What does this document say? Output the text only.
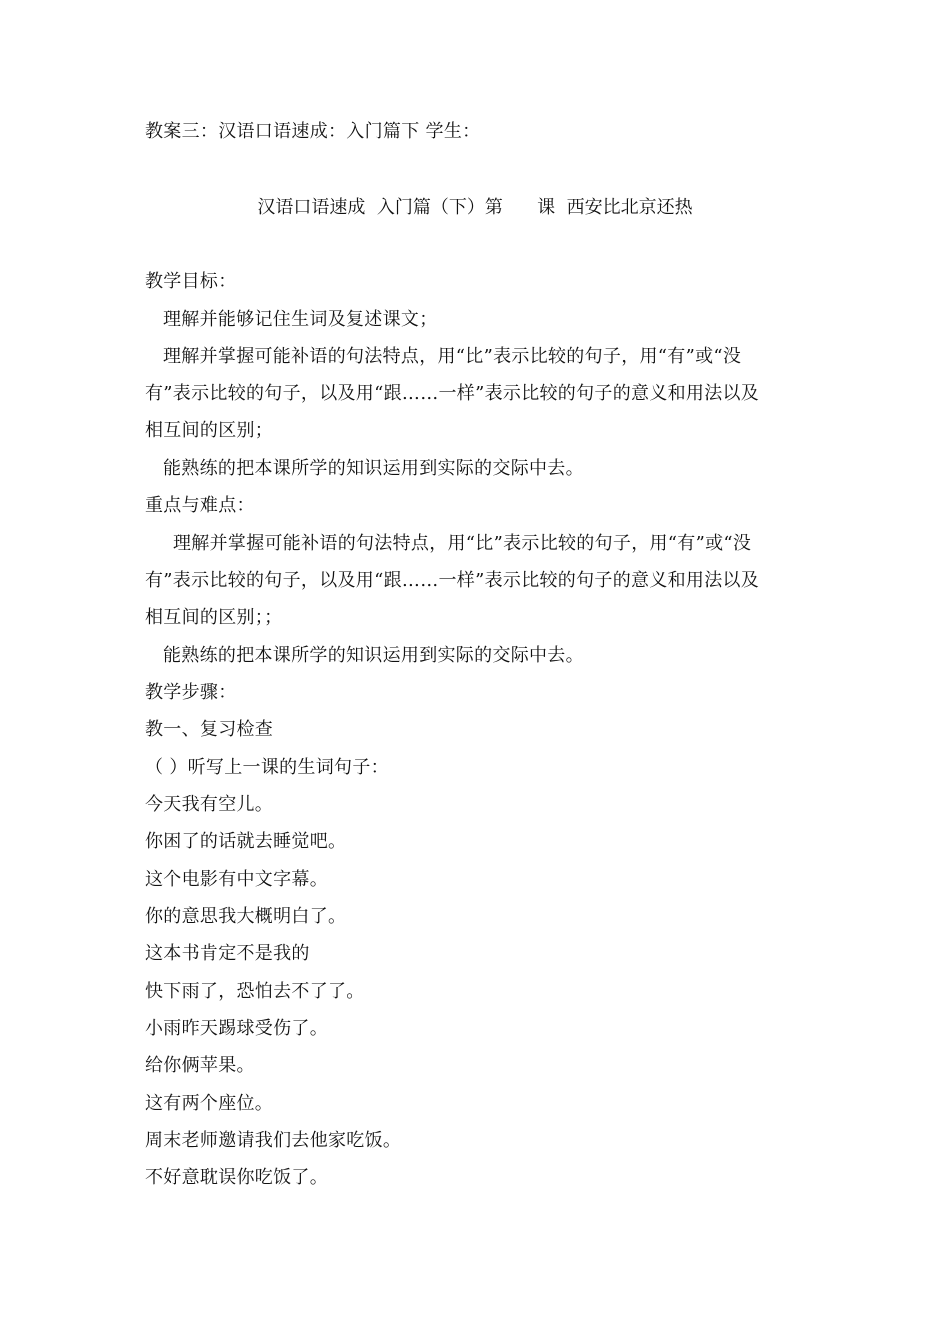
教案三：汉语口语速成：入门篇下 学生：
汉语口语速成  入门篇（下）第      课  西安比北京还热
教学目标：
理解并能够记住生词及复述课文；
理解并掌握可能补语的句法特点，用“比”表示比较的句子，用“有”或“没
有”表示比较的句子，以及用“跟……一样”表示比较的句子的意义和用法以及
相互间的区别；
能熟练的把本课所学的知识运用到实际的交际中去。
重点与难点：
理解并掌握可能补语的句法特点，用“比”表示比较的句子，用“有”或“没
有”表示比较的句子，以及用“跟……一样”表示比较的句子的意义和用法以及
相互间的区别；；
能熟练的把本课所学的知识运用到实际的交际中去。
教学步骤：
教一、复习检查
（ ）听写上一课的生词句子：
今天我有空儿。
你困了的话就去睡觉吧。
这个电影有中文字幕。
你的意思我大概明白了。
这本书肯定不是我的
快下雨了，恐怕去不了了。
小雨昨天踢球受伤了。
给你俩苹果。
这有两个座位。
周末老师邀请我们去他家吃饭。
不好意耽误你吃饭了。
